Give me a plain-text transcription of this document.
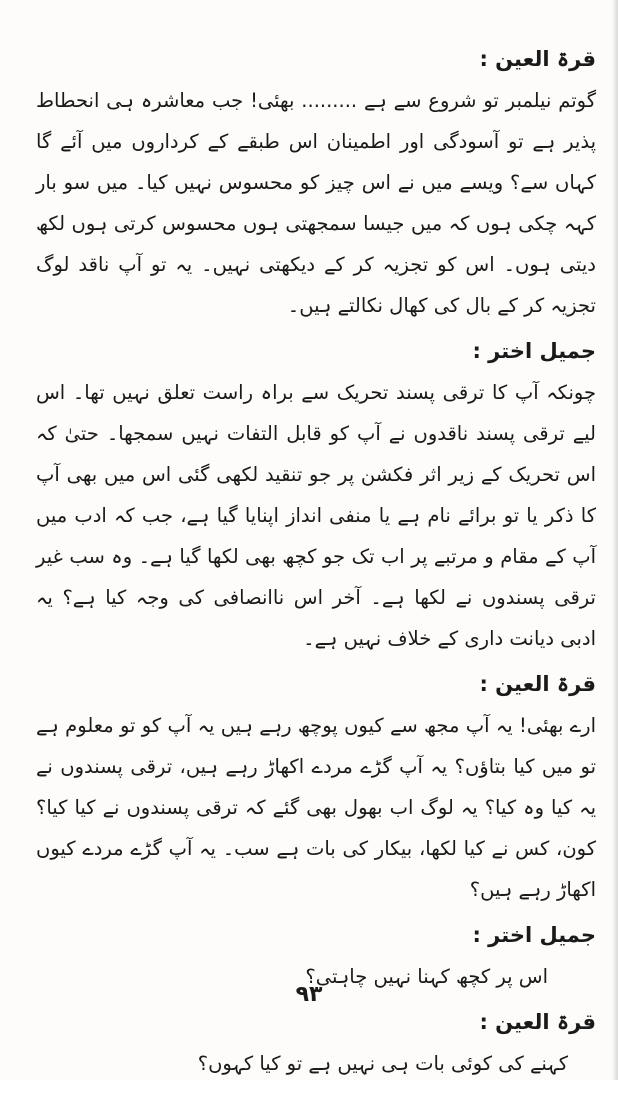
قرۃ العین :

گوتم نیلمبر تو شروع سے ہے ......... بھئی! جب معاشرہ ہی انحطاط پذیر ہے تو آسودگی اور اطمینان اس طبقے کے کرداروں میں آئے گا کہاں سے؟ ویسے میں نے اس چیز کو محسوس نہیں کیا۔ میں سو بار کہہ چکی ہوں کہ میں جیسا سمجھتی ہوں محسوس کرتی ہوں لکھ دیتی ہوں۔ اس کو تجزیہ کر کے دیکھتی نہیں۔ یہ تو آپ ناقد لوگ تجزیہ کر کے بال کی کھال نکالتے ہیں۔

جمیل اختر :

چونکہ آپ کا ترقی پسند تحریک سے براہ راست تعلق نہیں تھا۔ اس لیے ترقی پسند ناقدوں نے آپ کو قابل التفات نہیں سمجھا۔ حتیٰ کہ اس تحریک کے زیر اثر فکشن پر جو تنقید لکھی گئی اس میں بھی آپ کا ذکر یا تو برائے نام ہے یا منفی انداز اپنایا گیا ہے، جب کہ ادب میں آپ کے مقام و مرتبے پر اب تک جو کچھ بھی لکھا گیا ہے۔ وہ سب غیر ترقی پسندوں نے لکھا ہے۔ آخر اس ناانصافی کی وجہ کیا ہے؟ یہ ادبی دیانت داری کے خلاف نہیں ہے۔

قرۃ العین :

ارے بھئی! یہ آپ مجھ سے کیوں پوچھ رہے ہیں یہ آپ کو تو معلوم ہے تو میں کیا بتاؤں؟ یہ آپ گڑے مردے اکھاڑ رہے ہیں، ترقی پسندوں نے یہ کیا وہ کیا؟ یہ لوگ اب بھول بھی گئے کہ ترقی پسندوں نے کیا کیا؟ کون، کس نے کیا لکھا، بیکار کی بات ہے سب۔ یہ آپ گڑے مردے کیوں اکھاڑ رہے ہیں؟

جمیل اختر :

اس پر کچھ کہنا نہیں چاہتی؟

قرۃ العین :

کہنے کی کوئی بات ہی نہیں ہے تو کیا کہوں؟

۹۳
